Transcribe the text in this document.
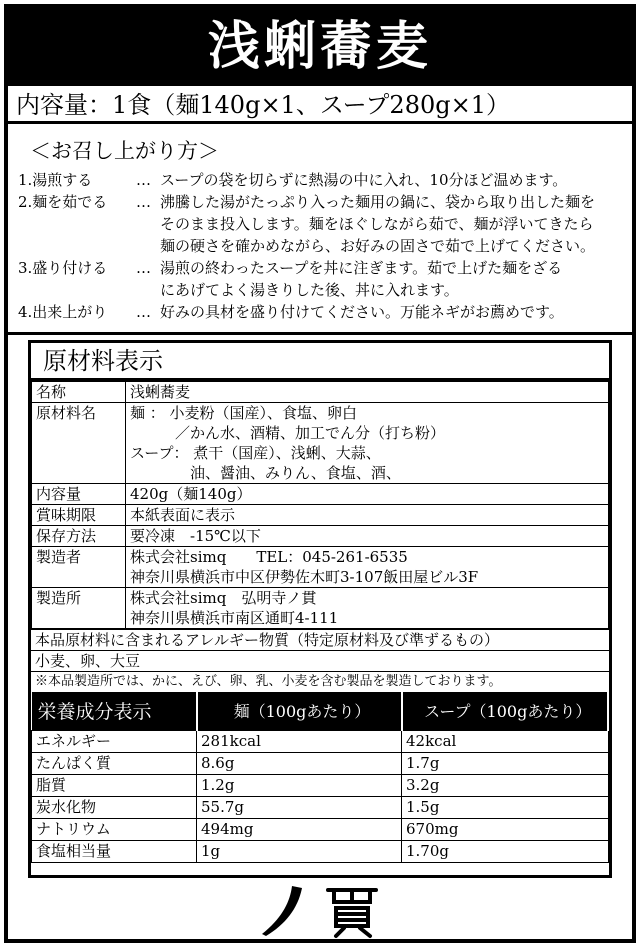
浅蜊蕎麦
内容量：1食（麺140g×1、スープ280g×1）
＜お召し上がり方＞
1.湯煎する	… スープの袋を切らずに熱湯の中に入れ、10分ほど温めます。
2.麺を茹でる	… 沸騰した湯がたっぷり入った麺用の鍋に、袋から取り出した麺を
そのまま投入します。麺をほぐしながら茹で、麺が浮いてきたら
麺の硬さを確かめながら、お好みの固さで茹で上げてください。
3.盛り付ける	… 湯煎の終わったスープを丼に注ぎます。茹で上げた麺をざる
にあげてよく湯きりした後、丼に入れます。
4.出来上がり	… 好みの具材を盛り付けてください。万能ネギがお薦めです。
原材料表示
名称	浅蜊蕎麦

原材料名	麺 ： 小麦粉（国産）、食塩、卵白
　　　／かん水、酒精、加工でん分（打ち粉）
スープ： 煮干（国産）、浅蜊、大蒜、
　　　　油、醤油、みりん、食塩、酒、

内容量	420g（麺140g）

賞味期限	本紙表面に表示

保存方法	要冷凍　-15℃以下

製造者	株式会社simq　　TEL：045-261-6535
神奈川県横浜市中区伊勢佐木町3-107飯田屋ビル3F

製造所	株式会社simq　弘明寺ノ貫
神奈川県横浜市南区通町4-111
本品原材料に含まれるアレルギー物質（特定原材料及び準ずるもの）
小麦、卵、大豆
※本品製造所では、かに、えび、卵、乳、小麦を含む製品を製造しております。
栄養成分表示	麺（100gあたり）	スープ（100gあたり）
エネルギー	281kcal	42kcal
たんぱく質	8.6g	1.7g
脂質	1.2g	3.2g
炭水化物	55.7g	1.5g
ナトリウム	494mg	670mg
食塩相当量	1g	1.70g
